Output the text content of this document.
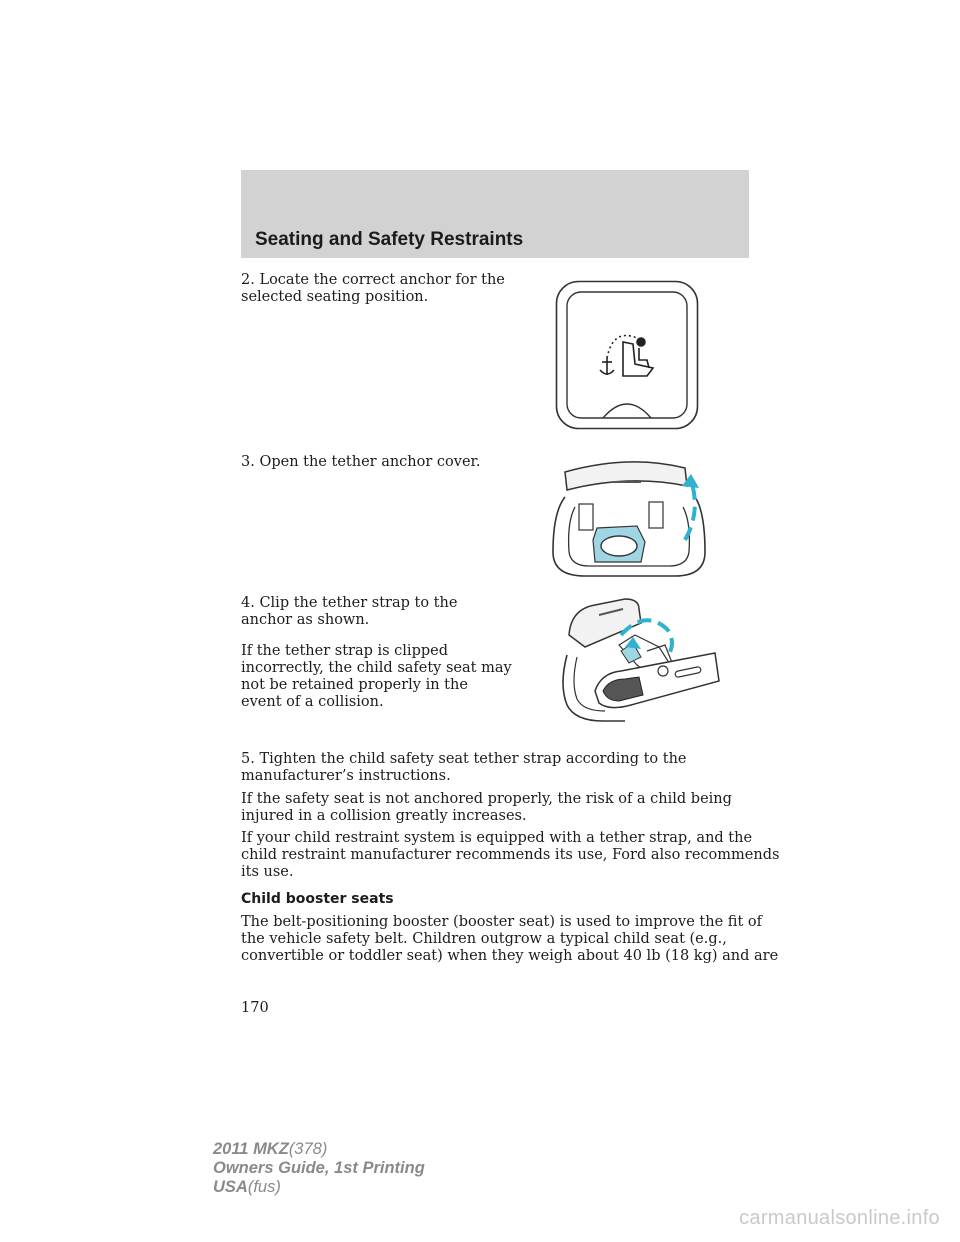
Seating and Safety Restraints
2. Locate the correct anchor for the
selected seating position.
3. Open the tether anchor cover.
4. Clip the tether strap to the
anchor as shown.
If the tether strap is clipped
incorrectly, the child safety seat may
not be retained properly in the
event of a collision.
5. Tighten the child safety seat tether strap according to the
manufacturer’s instructions.
If the safety seat is not anchored properly, the risk of a child being
injured in a collision greatly increases.
If your child restraint system is equipped with a tether strap, and the
child restraint manufacturer recommends its use, Ford also recommends
its use.
Child booster seats
The belt-positioning booster (booster seat) is used to improve the fit of
the vehicle safety belt. Children outgrow a typical child seat (e.g.,
convertible or toddler seat) when they weigh about 40 lb (18 kg) and are
170
2011 MKZ(378)
Owners Guide, 1st Printing
USA(fus)
carmanualsonline.info
